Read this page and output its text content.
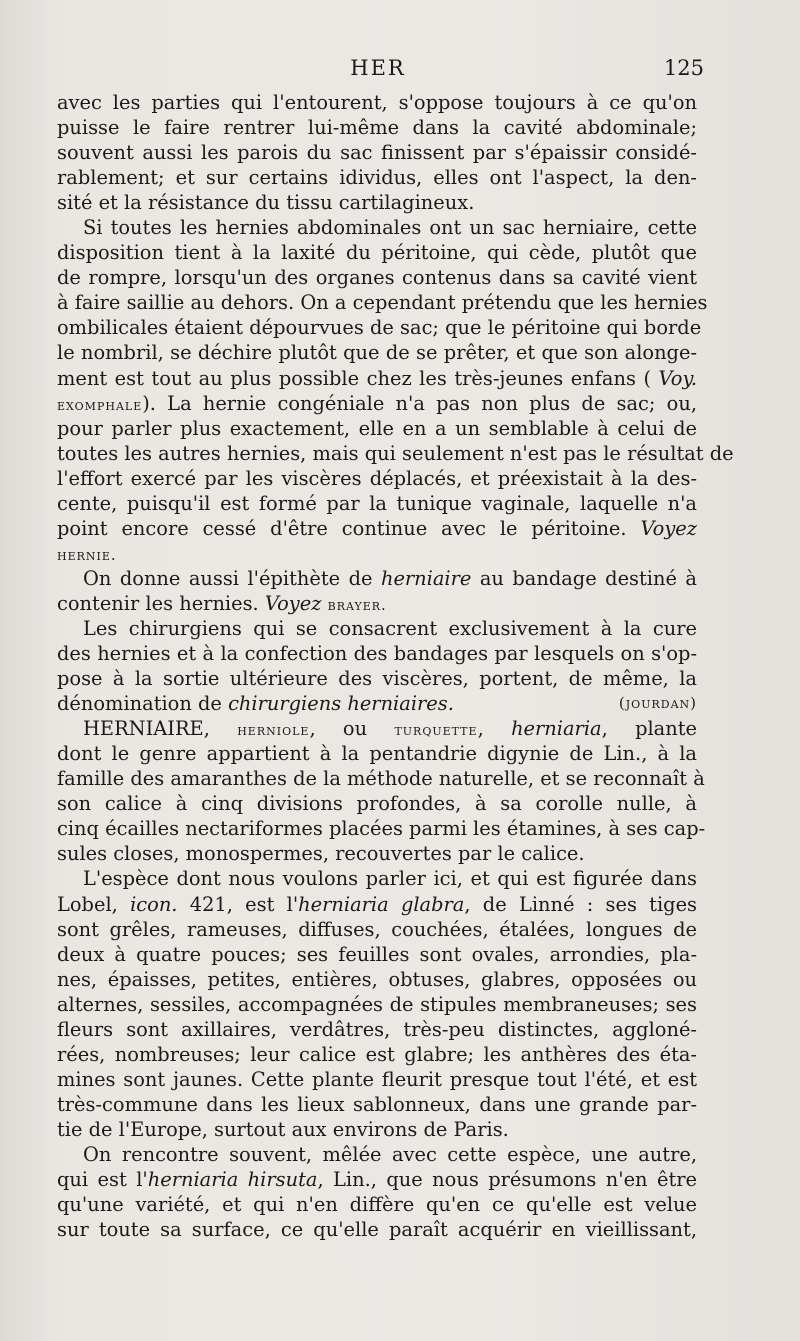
HER	125
avec les parties qui l'entourent, s'oppose toujours à ce qu'on
puisse le faire rentrer lui-même dans la cavité abdominale;
souvent aussi les parois du sac finissent par s'épaissir considé-
rablement; et sur certains idividus, elles ont l'aspect, la den-
sité et la résistance du tissu cartilagineux.
Si toutes les hernies abdominales ont un sac herniaire, cette
disposition tient à la laxité du péritoine, qui cède, plutôt que
de rompre, lorsqu'un des organes contenus dans sa cavité vient
à faire saillie au dehors. On a cependant prétendu que les hernies
ombilicales étaient dépourvues de sac; que le péritoine qui borde
le nombril, se déchire plutôt que de se prêter, et que son alonge-
ment est tout au plus possible chez les très-jeunes enfans ( Voy.
exomphale). La hernie congéniale n'a pas non plus de sac; ou,
pour parler plus exactement, elle en a un semblable à celui de
toutes les autres hernies, mais qui seulement n'est pas le résultat de
l'effort exercé par les viscères déplacés, et préexistait à la des-
cente, puisqu'il est formé par la tunique vaginale, laquelle n'a
point encore cessé d'être continue avec le péritoine. Voyez
hernie.
On donne aussi l'épithète de herniaire au bandage destiné à
contenir les hernies. Voyez brayer.
Les chirurgiens qui se consacrent exclusivement à la cure
des hernies et à la confection des bandages par lesquels on s'op-
pose à la sortie ultérieure des viscères, portent, de même, la
(jourdan)
dénomination de chirurgiens herniaires.
HERNIAIRE, herniole, ou turquette, herniaria, plante
dont le genre appartient à la pentandrie digynie de Lin., à la
famille des amaranthes de la méthode naturelle, et se reconnaît à
son calice à cinq divisions profondes, à sa corolle nulle, à
cinq écailles nectariformes placées parmi les étamines, à ses cap-
sules closes, monospermes, recouvertes par le calice.
L'espèce dont nous voulons parler ici, et qui est figurée dans
Lobel, icon. 421, est l'herniaria glabra, de Linné : ses tiges
sont grêles, rameuses, diffuses, couchées, étalées, longues de
deux à quatre pouces; ses feuilles sont ovales, arrondies, pla-
nes, épaisses, petites, entières, obtuses, glabres, opposées ou
alternes, sessiles, accompagnées de stipules membraneuses; ses
fleurs sont axillaires, verdâtres, très-peu distinctes, aggloné-
rées, nombreuses; leur calice est glabre; les anthères des éta-
mines sont jaunes. Cette plante fleurit presque tout l'été, et est
très-commune dans les lieux sablonneux, dans une grande par-
tie de l'Europe, surtout aux environs de Paris.
On rencontre souvent, mêlée avec cette espèce, une autre,
qui est l'herniaria hirsuta, Lin., que nous présumons n'en être
qu'une variété, et qui n'en diffère qu'en ce qu'elle est velue
sur toute sa surface, ce qu'elle paraît acquérir en vieillissant,
